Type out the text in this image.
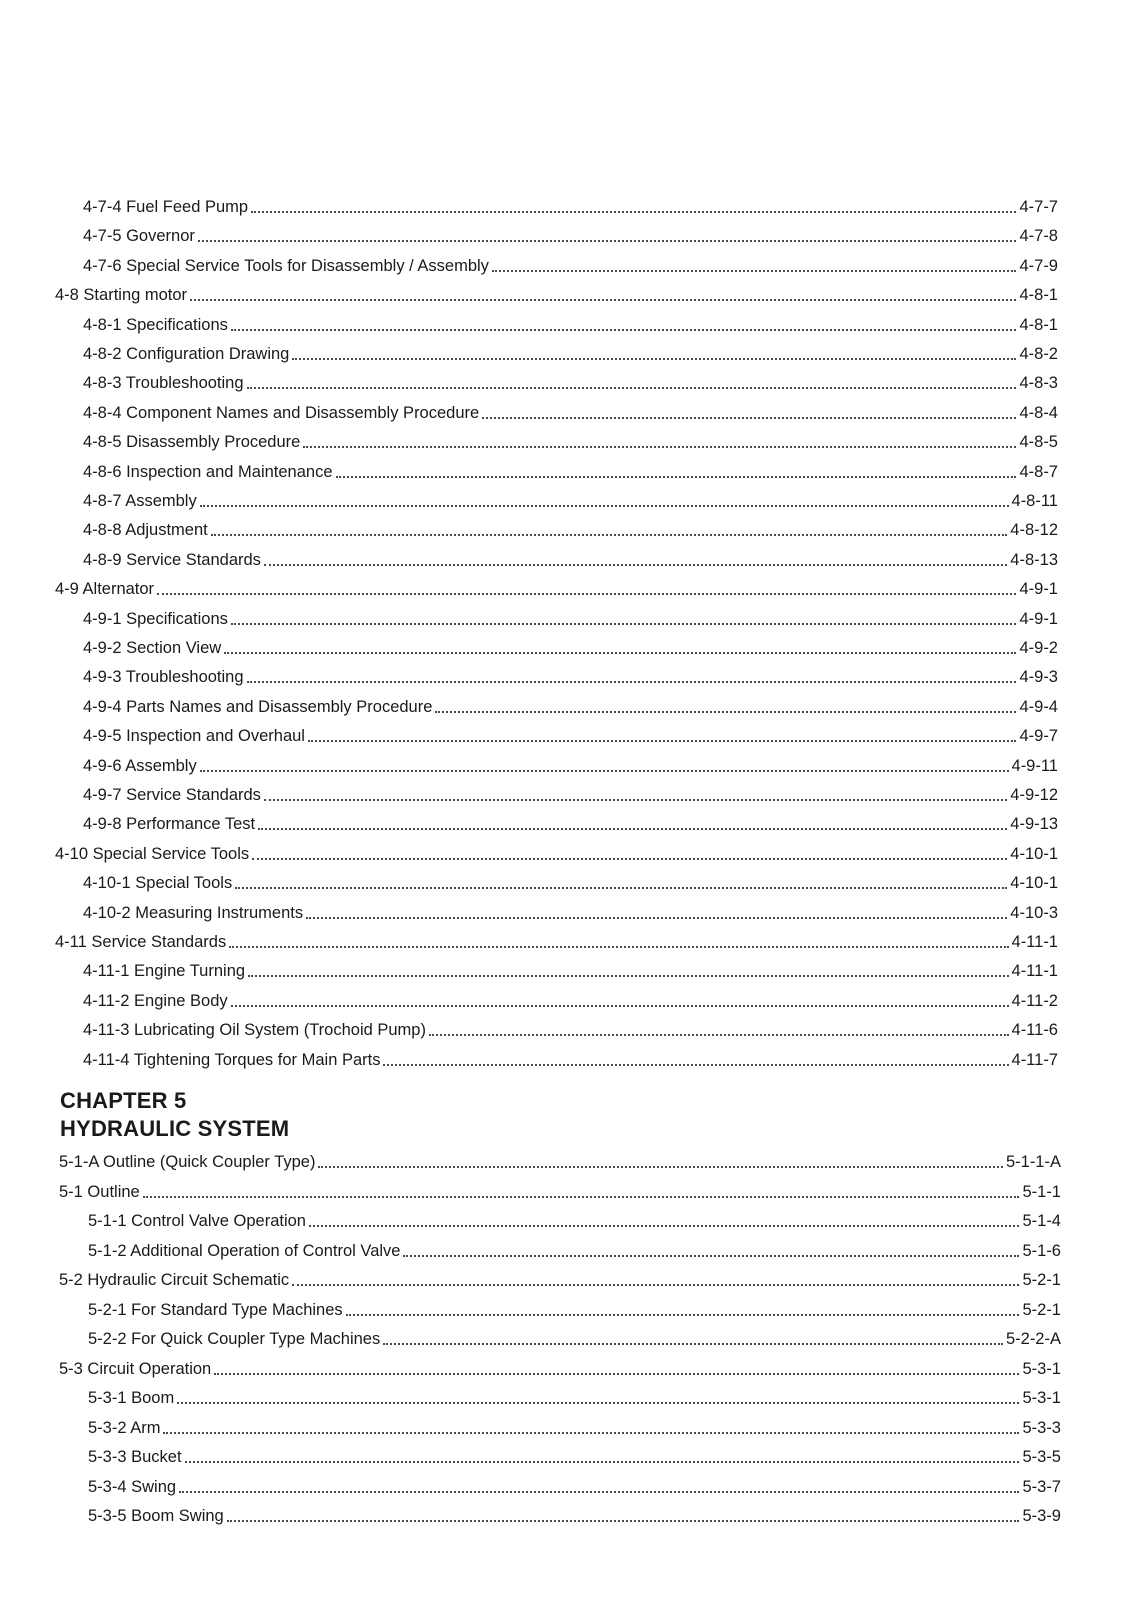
4-7-4 Fuel Feed Pump	4-7-7
4-7-5 Governor	4-7-8
4-7-6 Special Service Tools for Disassembly / Assembly	4-7-9
4-8 Starting motor	4-8-1
4-8-1 Specifications	4-8-1
4-8-2 Configuration Drawing	4-8-2
4-8-3 Troubleshooting	4-8-3
4-8-4 Component Names and Disassembly Procedure	4-8-4
4-8-5 Disassembly Procedure	4-8-5
4-8-6 Inspection and Maintenance	4-8-7
4-8-7 Assembly	4-8-11
4-8-8 Adjustment	4-8-12
4-8-9 Service Standards	4-8-13
4-9 Alternator	4-9-1
4-9-1 Specifications	4-9-1
4-9-2 Section View	4-9-2
4-9-3 Troubleshooting	4-9-3
4-9-4 Parts Names and Disassembly Procedure	4-9-4
4-9-5 Inspection and Overhaul	4-9-7
4-9-6 Assembly	4-9-11
4-9-7 Service Standards	4-9-12
4-9-8 Performance Test	4-9-13
4-10 Special Service Tools	4-10-1
4-10-1 Special Tools	4-10-1
4-10-2 Measuring Instruments	4-10-3
4-11 Service Standards	4-11-1
4-11-1 Engine Turning	4-11-1
4-11-2 Engine Body	4-11-2
4-11-3 Lubricating Oil System (Trochoid Pump)	4-11-6
4-11-4 Tightening Torques for Main Parts	4-11-7
CHAPTER 5
HYDRAULIC SYSTEM
5-1-A Outline (Quick Coupler Type)	5-1-1-A
5-1 Outline	5-1-1
5-1-1 Control Valve Operation	5-1-4
5-1-2 Additional Operation of Control Valve	5-1-6
5-2 Hydraulic Circuit Schematic	5-2-1
5-2-1 For Standard Type Machines	5-2-1
5-2-2 For Quick Coupler Type Machines	5-2-2-A
5-3 Circuit Operation	5-3-1
5-3-1 Boom	5-3-1
5-3-2 Arm	5-3-3
5-3-3 Bucket	5-3-5
5-3-4 Swing	5-3-7
5-3-5 Boom Swing	5-3-9
